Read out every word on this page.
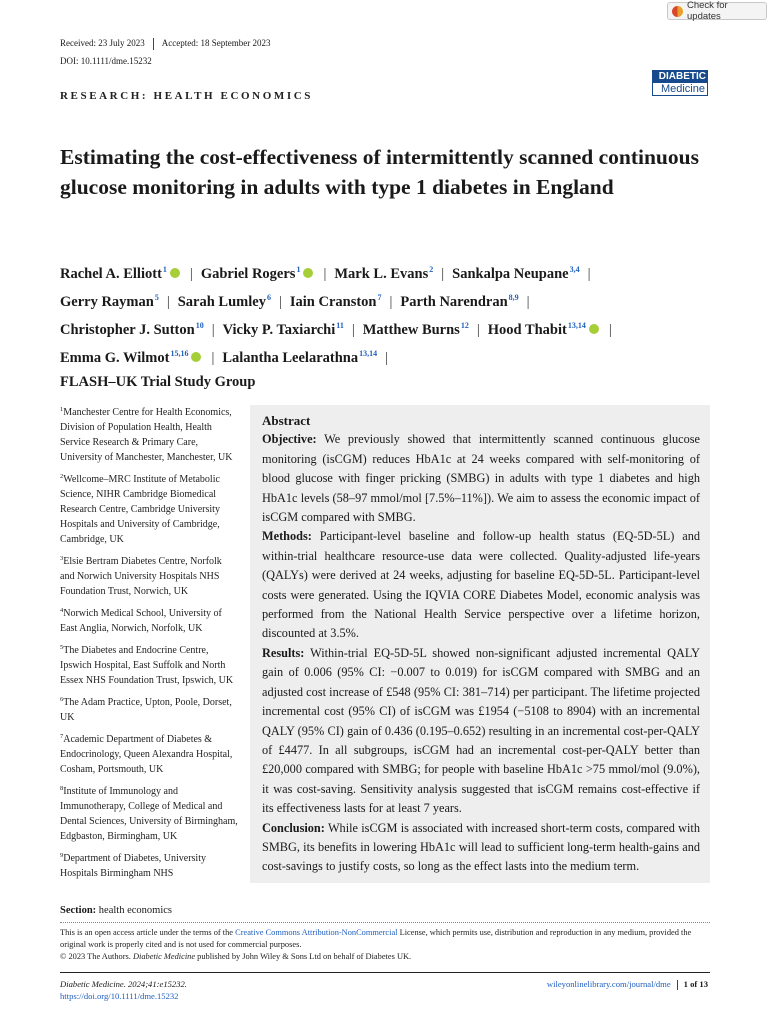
Check for updates
Received: 23 July 2023 Accepted: 18 September 2023
DOI: 10.1111/dme.15232
RESEARCH: HEALTH ECONOMICS
DIABETIC
Medicine
Estimating the cost-effectiveness of intermittently scanned continuous glucose monitoring in adults with type 1 diabetes in England
Rachel A. Elliott$^1$ | Gabriel Rogers$^1$ | Mark L. Evans$^2$ | Sankalpa Neupane$^{3,4}$ |
Gerry Rayman$^5$ | Sarah Lumley$^6$ | Iain Cranston$^7$ | Parth Narendran$^{8,9}$ |
Christopher J. Sutton$^{10}$ | Vicky P. Taxiarchi$^{11}$ | Matthew Burns$^{12}$ | Hood Thabit$^{13,14}$ |
Emma G. Wilmot$^{15,16}$ | Lalantha Leelarathna$^{13,14}$ |
FLASH–UK Trial Study Group

$^1$Manchester Centre for Health Economics, Division of Population Health, Health Service Research & Primary Care, University of Manchester, Manchester, UK

$^2$Wellcome–MRC Institute of Metabolic Science, NIHR Cambridge Biomedical Research Centre, Cambridge University Hospitals and University of Cambridge, Cambridge, UK

$^3$Elsie Bertram Diabetes Centre, Norfolk and Norwich University Hospitals NHS Foundation Trust, Norwich, UK

$^4$Norwich Medical School, University of East Anglia, Norwich, Norfolk, UK

$^5$The Diabetes and Endocrine Centre, Ipswich Hospital, East Suffolk and North Essex NHS Foundation Trust, Ipswich, UK

$^6$The Adam Practice, Upton, Poole, Dorset, UK

$^7$Academic Department of Diabetes & Endocrinology, Queen Alexandra Hospital, Cosham, Portsmouth, UK

$^8$Institute of Immunology and Immunotherapy, College of Medical and Dental Sciences, University of Birmingham, Edgbaston, Birmingham, UK

$^9$Department of Diabetes, University Hospitals Birmingham NHS

Abstract

Objective: We previously showed that intermittently scanned continuous glucose monitoring (isCGM) reduces HbA1c at 24 weeks compared with self-monitoring of blood glucose with finger pricking (SMBG) in adults with type 1 diabetes and high HbA1c levels (58–97 mmol/mol [7.5%–11%]). We aim to assess the economic impact of isCGM compared with SMBG.

Methods: Participant-level baseline and follow-up health status (EQ-5D-5L) and within-trial healthcare resource-use data were collected. Quality-adjusted life-years (QALYs) were derived at 24 weeks, adjusting for baseline EQ-5D-5L. Participant-level costs were generated. Using the IQVIA CORE Diabetes Model, economic analysis was performed from the National Health Service perspective over a lifetime horizon, discounted at 3.5%.

Results: Within-trial EQ-5D-5L showed non-significant adjusted incremental QALY gain of 0.006 (95% CI: −0.007 to 0.019) for isCGM compared with SMBG and an adjusted cost increase of £548 (95% CI: 381–714) per participant. The lifetime projected incremental cost (95% CI) of isCGM was £1954 (−5108 to 8904) with an incremental QALY (95% CI) gain of 0.436 (0.195–0.652) resulting in an incremental cost-per-QALY of £4477. In all subgroups, isCGM had an incremental cost-per-QALY better than £20,000 compared with SMBG; for people with baseline HbA1c >75 mmol/mol (9.0%), it was cost-saving. Sensitivity analysis suggested that isCGM remains cost-effective if its effectiveness lasts for at least 7 years.

Conclusion: While isCGM is associated with increased short-term costs, compared with SMBG, its benefits in lowering HbA1c will lead to sufficient long-term health-gains and cost-savings to justify costs, so long as the effect lasts into the medium term.

Section: health economics
This is an open access article under the terms of the Creative Commons Attribution-NonCommercial License, which permits use, distribution and reproduction in any medium, provided the original work is properly cited and is not used for commercial purposes.
© 2023 The Authors. Diabetic Medicine published by John Wiley & Sons Ltd on behalf of Diabetes UK.
Diabetic Medicine. 2024;41:e15232.
https://doi.org/10.1111/dme.15232
wileyonlinelibrary.com/journal/dme 1 of 13
